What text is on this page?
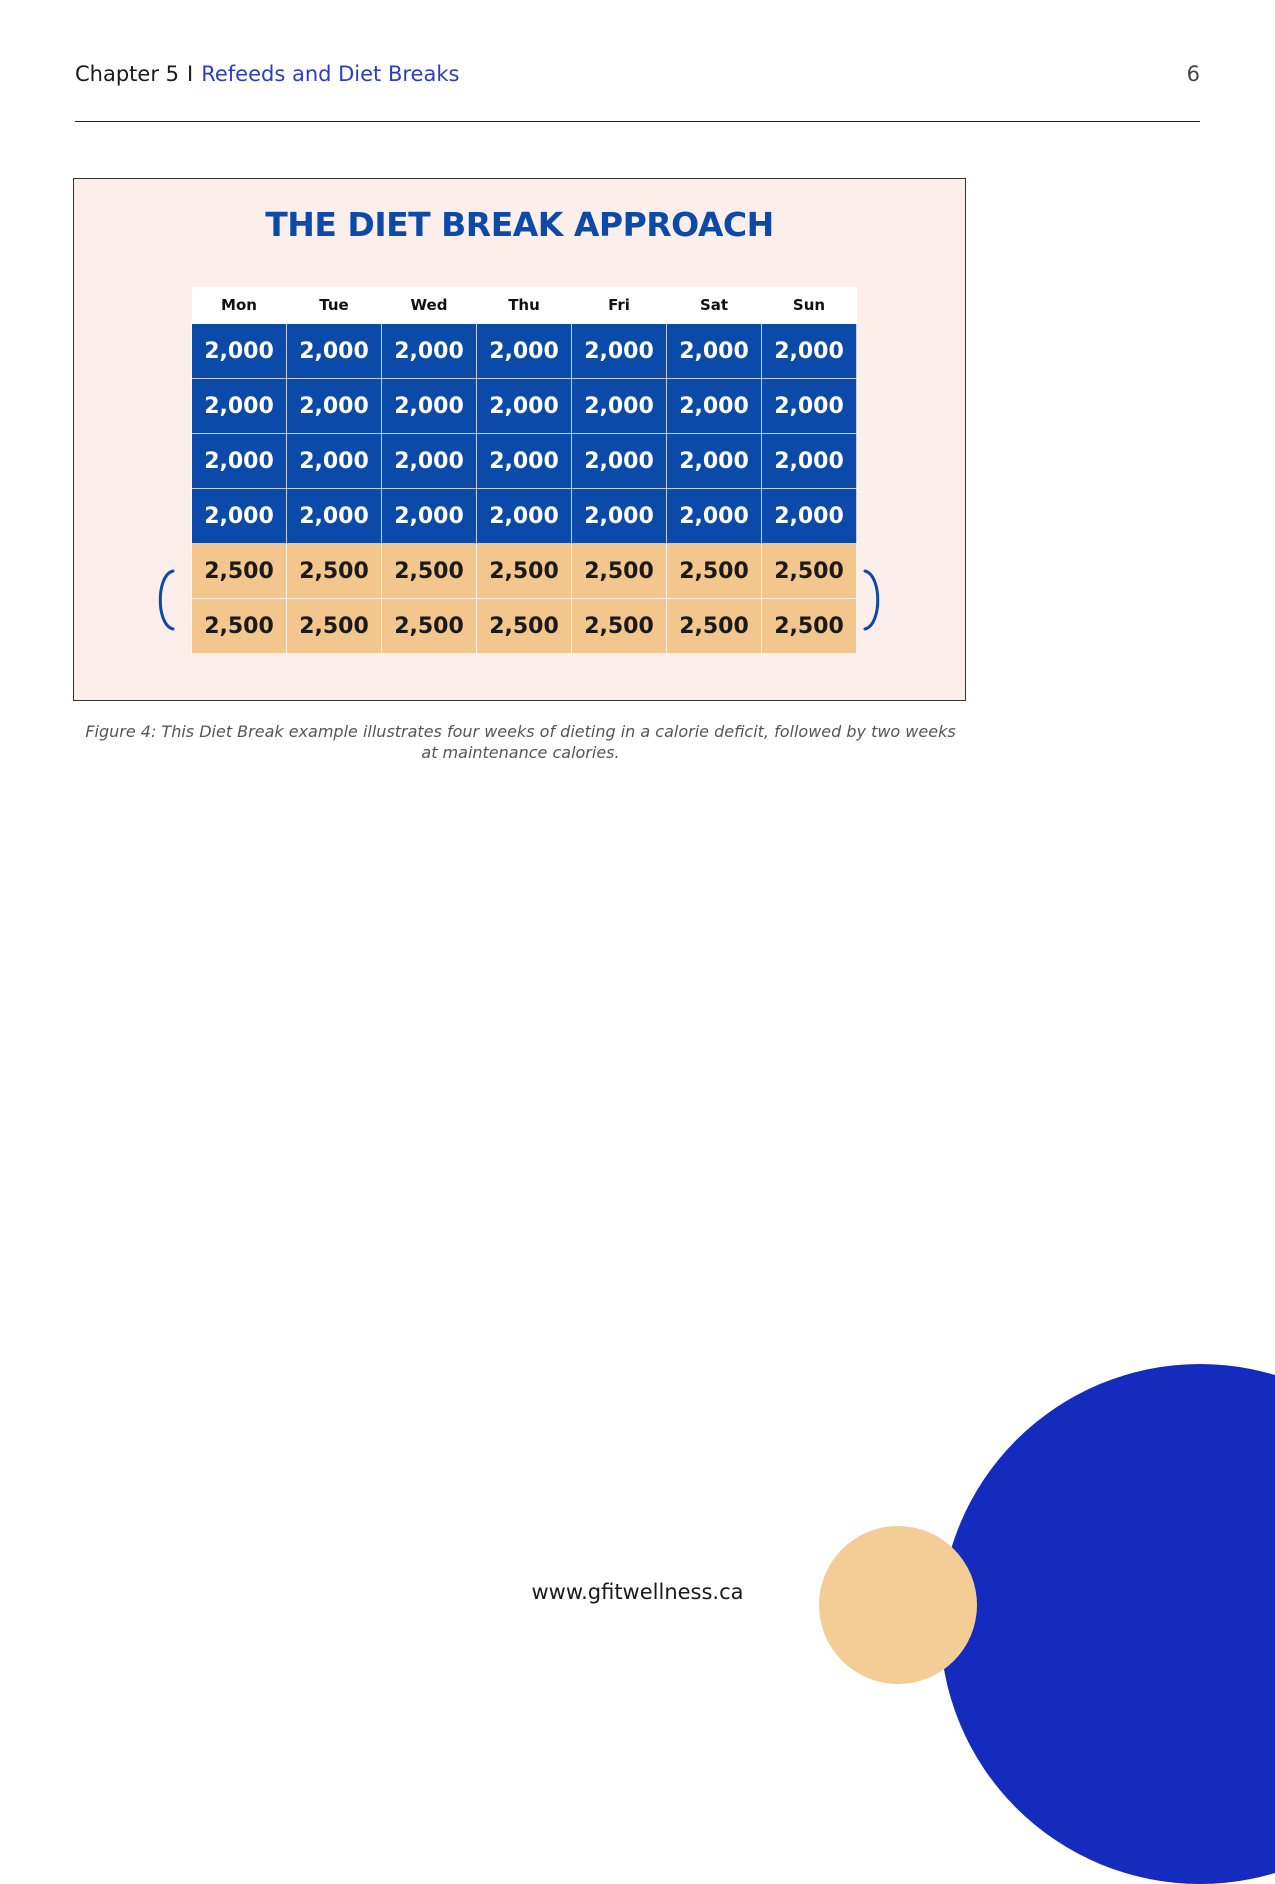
Chapter 5 I Refeeds and Diet Breaks	6
THE DIET BREAK APPROACH
Mon	Tue	Wed	Thu	Fri	Sat	Sun
2,000	2,000	2,000	2,000	2,000	2,000	2,000
2,000	2,000	2,000	2,000	2,000	2,000	2,000
2,000	2,000	2,000	2,000	2,000	2,000	2,000
2,000	2,000	2,000	2,000	2,000	2,000	2,000
2,500	2,500	2,500	2,500	2,500	2,500	2,500
2,500	2,500	2,500	2,500	2,500	2,500	2,500
Figure 4: This Diet Break example illustrates four weeks of dieting in a calorie deficit, followed by two weeks at maintenance calories.
www.gfitwellness.ca
